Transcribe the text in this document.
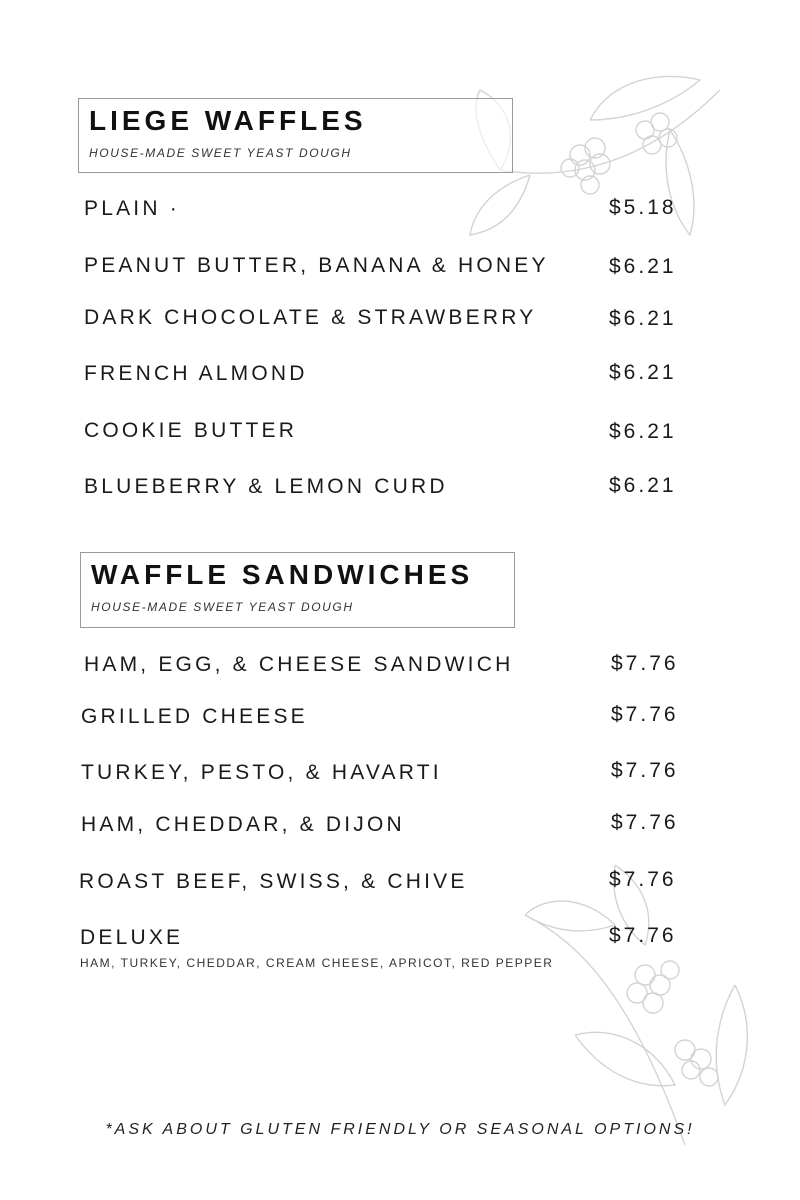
LIEGE WAFFLES
HOUSE-MADE SWEET YEAST DOUGH
PLAIN ·	$5.18
PEANUT BUTTER, BANANA & HONEY	$6.21
DARK CHOCOLATE & STRAWBERRY	$6.21
FRENCH ALMOND	$6.21
COOKIE BUTTER	$6.21
BLUEBERRY & LEMON CURD	$6.21
WAFFLE SANDWICHES
HOUSE-MADE SWEET YEAST DOUGH
HAM, EGG, & CHEESE SANDWICH	$7.76
GRILLED CHEESE	$7.76
TURKEY, PESTO, & HAVARTI	$7.76
HAM, CHEDDAR, & DIJON	$7.76
ROAST BEEF, SWISS, & CHIVE	$7.76
DELUXE	$7.76
HAM, TURKEY, CHEDDAR, CREAM CHEESE, APRICOT, RED PEPPER
*ASK ABOUT GLUTEN FRIENDLY OR SEASONAL OPTIONS!
